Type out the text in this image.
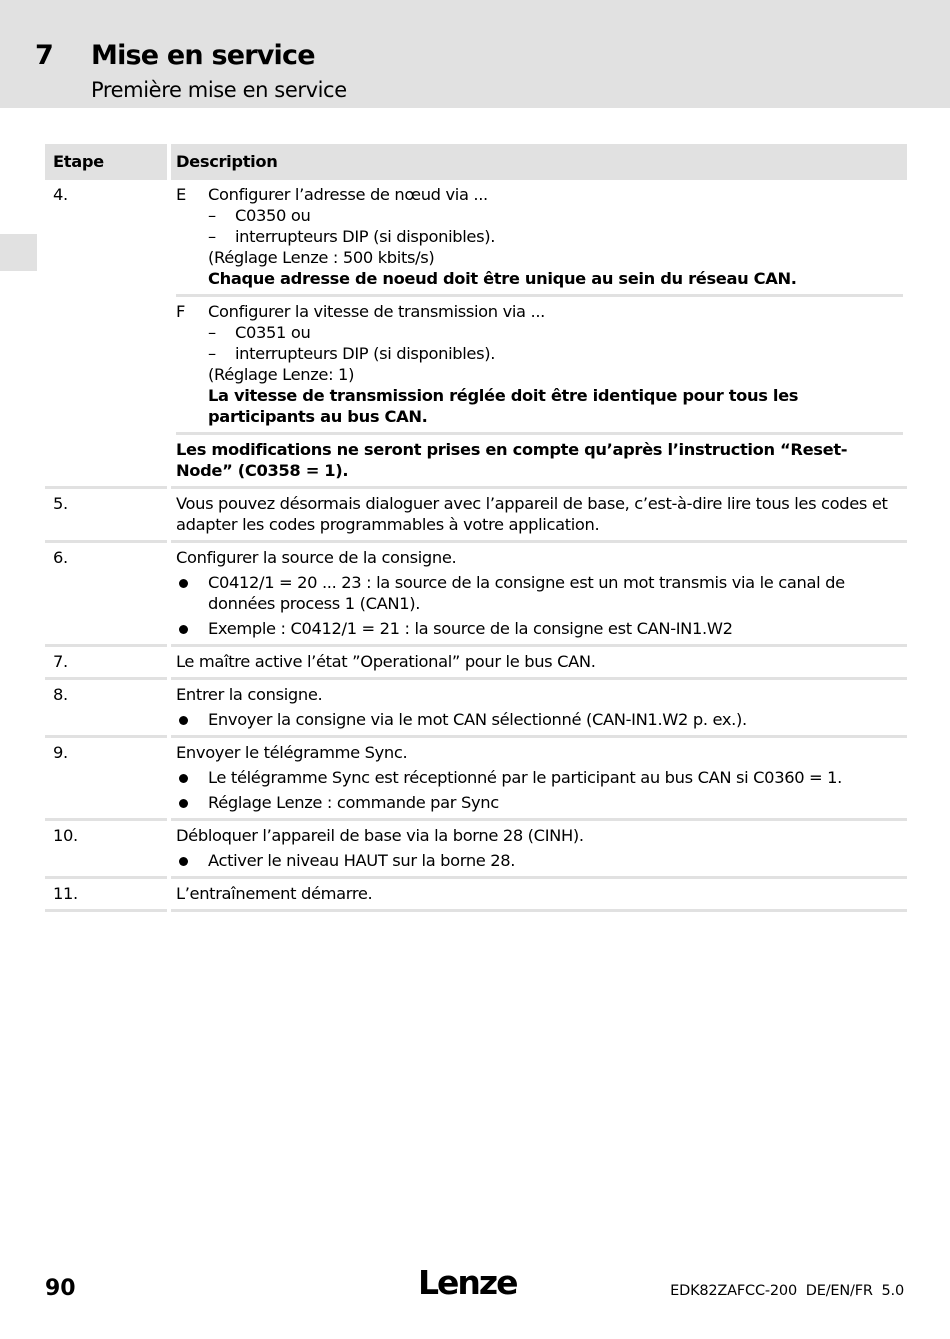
7 Mise en service
Première mise en service
Etape	Description
4.	E	Configurer l’adresse de nœud via ...
–	C0350 ou
–	interrupteurs DIP (si disponibles).
(Réglage Lenze : 500 kbits/s)
Chaque adresse de noeud doit être unique au sein du réseau CAN.
F	Configurer la vitesse de transmission via ...
–	C0351 ou
–	interrupteurs DIP (si disponibles).
(Réglage Lenze: 1)
La vitesse de transmission réglée doit être identique pour tous les participants au bus CAN.
Les modifications ne seront prises en compte qu’après l’instruction “Reset-Node” (C0358 = 1).
5.	Vous pouvez désormais dialoguer avec l’appareil de base, c’est-à-dire lire tous les codes et adapter les codes programmables à votre application.
6.	Configurer la source de la consigne.
C0412/1 = 20 ... 23 : la source de la consigne est un mot transmis via le canal de données process 1 (CAN1).
Exemple : C0412/1 = 21 : la source de la consigne est CAN-IN1.W2
7.	Le maître active l’état ”Operational” pour le bus CAN.
8.	Entrer la consigne.
Envoyer la consigne via le mot CAN sélectionné (CAN-IN1.W2 p. ex.).
9.	Envoyer le télégramme Sync.
Le télégramme Sync est réceptionné par le participant au bus CAN si C0360 = 1.
Réglage Lenze : commande par Sync
10.	Débloquer l’appareil de base via la borne 28 (CINH).
Activer le niveau HAUT sur la borne 28.
11.	L’entraînement démarre.
90	Lenze	EDK82ZAFCC-200  DE/EN/FR  5.0
